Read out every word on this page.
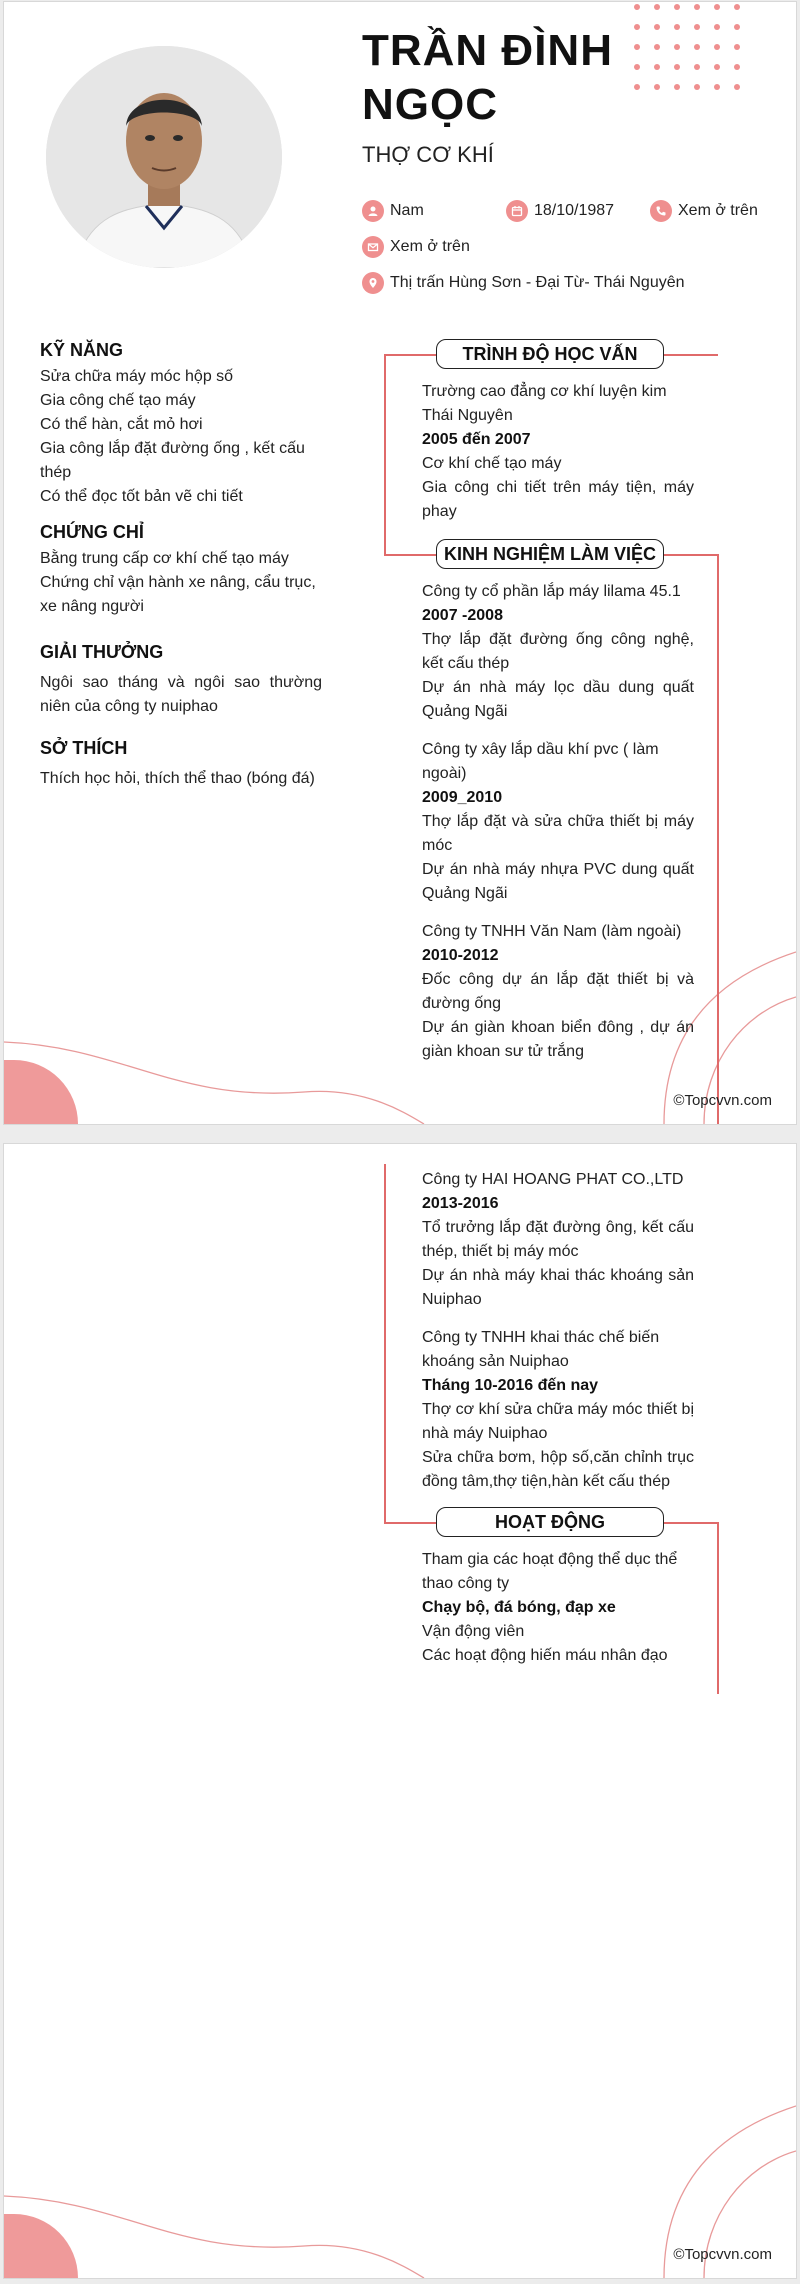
TRẦN ĐÌNH
NGỌC
THỢ CƠ KHÍ
Nam	18/10/1987	Xem ở trên
Xem ở trên
Thị trấn Hùng Sơn - Đại Từ- Thái Nguyên
KỸ NĂNG
Sửa chữa máy móc hộp số
Gia công chế tạo máy
Có thể hàn, cắt mỏ hơi
Gia công lắp đặt đường ống , kết cấu thép
Có thể đọc tốt bản vẽ chi tiết
CHỨNG CHỈ
Bằng trung cấp cơ khí chế tạo máy
Chứng chỉ vận hành xe nâng, cẩu trục, xe nâng người
GIẢI THƯỞNG
Ngôi sao tháng và ngôi sao thường niên của công ty nuiphao
SỞ THÍCH
Thích học hỏi, thích thể thao (bóng đá)
TRÌNH ĐỘ HỌC VẤN
Trường cao đẳng cơ khí luyện kim Thái Nguyên
2005 đến 2007
Cơ khí chế tạo máy
Gia công chi tiết trên máy tiện, máy phay
KINH NGHIỆM LÀM VIỆC
Công ty cổ phần lắp máy lilama 45.1
2007 -2008
Thợ lắp đặt đường ống công nghệ, kết cấu thép
Dự án nhà máy lọc dầu dung quất Quảng Ngãi
Công ty xây lắp dầu khí pvc ( làm ngoài)
2009_2010
Thợ lắp đặt và sửa chữa thiết bị máy móc
Dự án nhà máy nhựa PVC dung quất Quảng Ngãi
Công ty TNHH Văn Nam (làm ngoài)
2010-2012
Đốc công dự án lắp đặt thiết bị và đường ống
Dự án giàn khoan biển đông , dự án giàn khoan sư tử trắng
©Topcvvn.com
Công ty HAI HOANG PHAT CO.,LTD
2013-2016
Tổ trưởng lắp đặt đường ông, kết cấu thép, thiết bị máy móc
Dự án nhà máy khai thác khoáng sản Nuiphao
Công ty TNHH khai thác chế biến khoáng sản Nuiphao
Tháng 10-2016 đến nay
Thợ cơ khí sửa chữa máy móc thiết bị nhà máy Nuiphao
Sửa chữa bơm, hộp số,căn chỉnh trục đồng tâm,thợ tiện,hàn kết cấu thép
HOẠT ĐỘNG
Tham gia các hoạt động thể dục thể thao công ty
Chạy bộ, đá bóng, đạp xe
Vận động viên
Các hoạt động hiến máu nhân đạo
©Topcvvn.com
